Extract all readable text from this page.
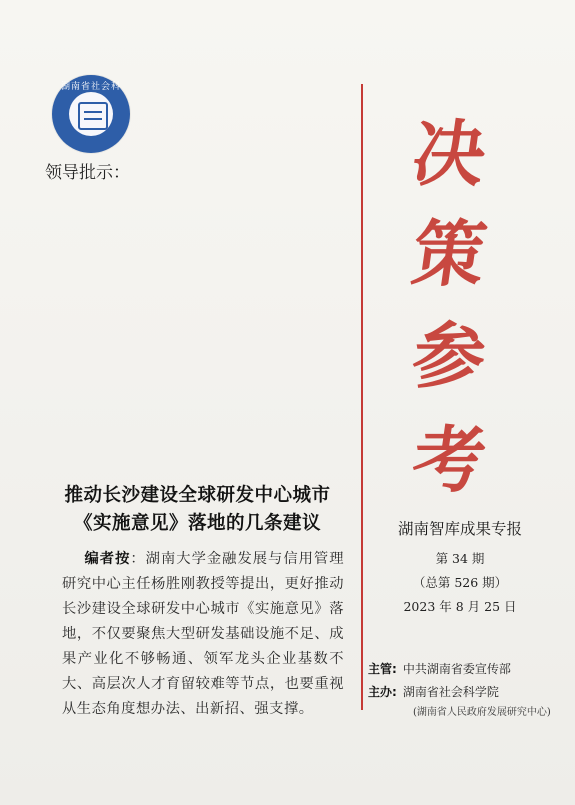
湖南省社会科
领导批示：	决
策
参
考
推动长沙建设全球研发中心城市
《实施意见》落地的几条建议
编者按：湖南大学金融发展与信用管理研究中心主任杨胜刚教授等提出，更好推动长沙建设全球研发中心城市《实施意见》落地，不仅要聚焦大型研发基础设施不足、成果产业化不够畅通、领军龙头企业基数不大、高层次人才育留较难等节点，也要重视从生态角度想办法、出新招、强支撑。
湖南智库成果专报
第 34 期
（总第 526 期）
2023 年 8 月 25 日
主管: 中共湖南省委宣传部
主办: 湖南省社会科学院
(湖南省人民政府发展研究中心)
